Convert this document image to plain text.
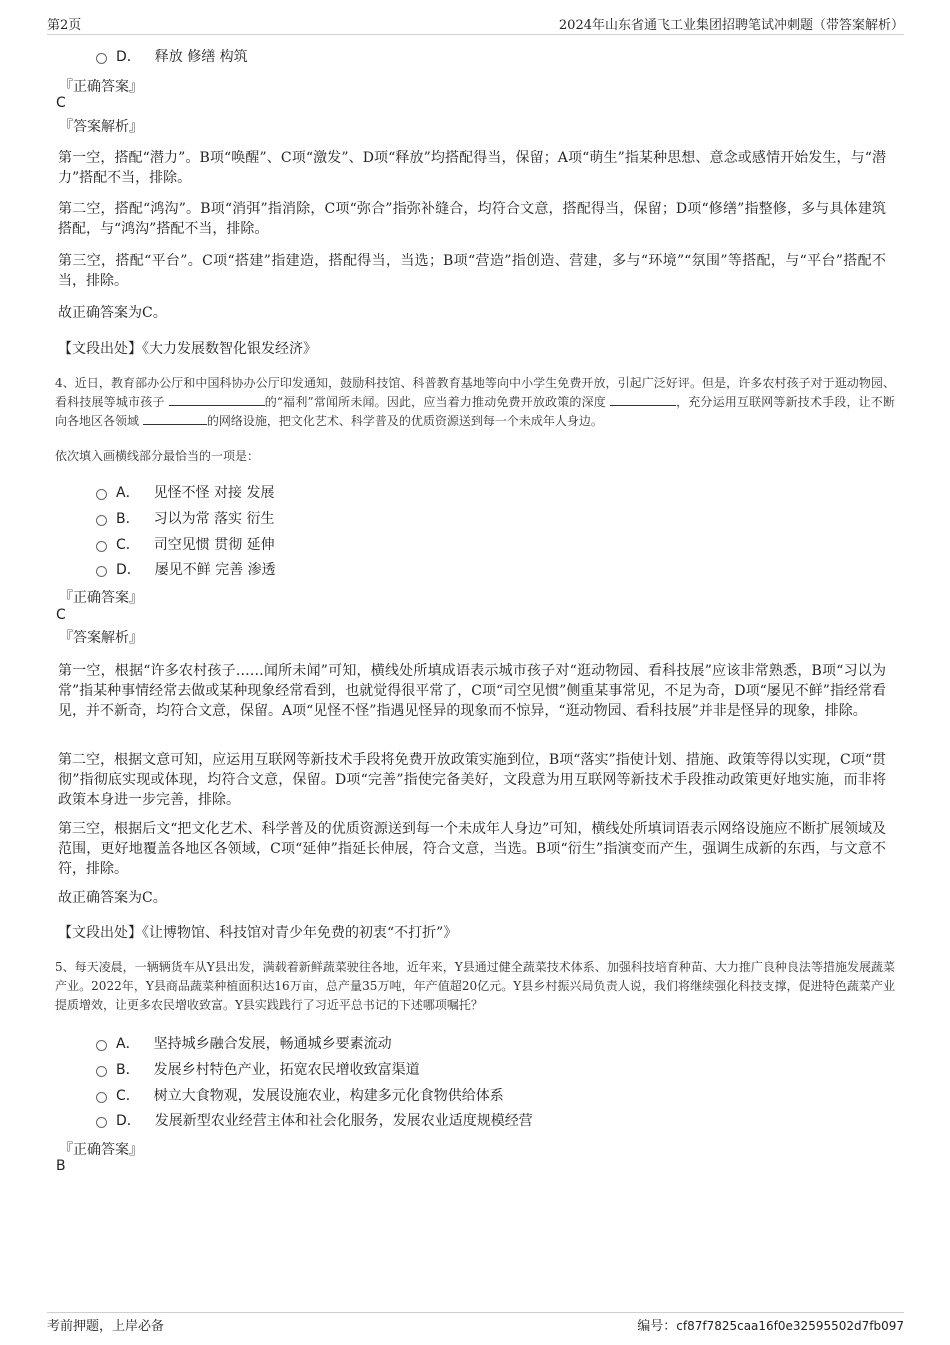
第2页	2024年山东省通飞工业集团招聘笔试冲刺题（带答案解析）
D． 释放 修缮 构筑
『正确答案』
C
『答案解析』
第一空，搭配“潜力”。B项“唤醒”、C项“激发”、D项“释放”均搭配得当，保留；A项“萌生”指某种思想、意念或感情开始发生，与“潜力”搭配不当，排除。
第二空，搭配“鸿沟”。B项“消弭”指消除，C项“弥合”指弥补缝合，均符合文意，搭配得当，保留；D项“修缮”指整修，多与具体建筑搭配，与“鸿沟”搭配不当，排除。
第三空，搭配“平台”。C项“搭建”指建造，搭配得当，当选；B项“营造”指创造、营建，多与“环境”“氛围”等搭配，与“平台”搭配不当，排除。
故正确答案为C。
【文段出处】《大力发展数智化银发经济》
4、近日，教育部办公厅和中国科协办公厅印发通知，鼓励科技馆、科普教育基地等向中小学生免费开放，引起广泛好评。但是，许多农村孩子对于逛动物园、看科技展等城市孩子	的“福利”常闻所未闻。因此，应当着力推动免费开放政策的深度	，充分运用互联网等新技术手段，让不断向各地区各领域	的网络设施，把文化艺术、科学普及的优质资源送到每一个未成年人身边。
依次填入画横线部分最恰当的一项是：
A． 见怪不怪 对接 发展
B． 习以为常 落实 衍生
C． 司空见惯 贯彻 延伸
D． 屡见不鲜 完善 渗透
『正确答案』
C
『答案解析』
第一空，根据“许多农村孩子……闻所未闻”可知，横线处所填成语表示城市孩子对“逛动物园、看科技展”应该非常熟悉，B项“习以为常”指某种事情经常去做或某种现象经常看到，也就觉得很平常了，C项“司空见惯”侧重某事常见，不足为奇，D项“屡见不鲜”指经常看见，并不新奇，均符合文意，保留。A项“见怪不怪”指遇见怪异的现象而不惊异，“逛动物园、看科技展”并非是怪异的现象，排除。
第二空，根据文意可知，应运用互联网等新技术手段将免费开放政策实施到位，B项“落实”指使计划、措施、政策等得以实现，C项“贯彻”指彻底实现或体现，均符合文意，保留。D项“完善”指使完备美好，文段意为用互联网等新技术手段推动政策更好地实施，而非将政策本身进一步完善，排除。
第三空，根据后文“把文化艺术、科学普及的优质资源送到每一个未成年人身边”可知，横线处所填词语表示网络设施应不断扩展领域及范围，更好地覆盖各地区各领域，C项“延伸”指延长伸展，符合文意，当选。B项“衍生”指演变而产生，强调生成新的东西，与文意不符，排除。
故正确答案为C。
【文段出处】《让博物馆、科技馆对青少年免费的初衷“不打折”》
5、每天凌晨，一辆辆货车从Y县出发，满载着新鲜蔬菜驶往各地，近年来，Y县通过健全蔬菜技术体系、加强科技培育种苗、大力推广良种良法等措施发展蔬菜产业。2022年，Y县商品蔬菜种植面积达16万亩，总产量35万吨，年产值超20亿元。Y县乡村振兴局负责人说，我们将继续强化科技支撑，促进特色蔬菜产业提质增效，让更多农民增收致富。Y县实践践行了习近平总书记的下述哪项嘱托？
A． 坚持城乡融合发展，畅通城乡要素流动
B． 发展乡村特色产业，拓宽农民增收致富渠道
C． 树立大食物观，发展设施农业，构建多元化食物供给体系
D． 发展新型农业经营主体和社会化服务，发展农业适度规模经营
『正确答案』
B
考前押题，上岸必备	编号：cf87f7825caa16f0e32595502d7fb097
